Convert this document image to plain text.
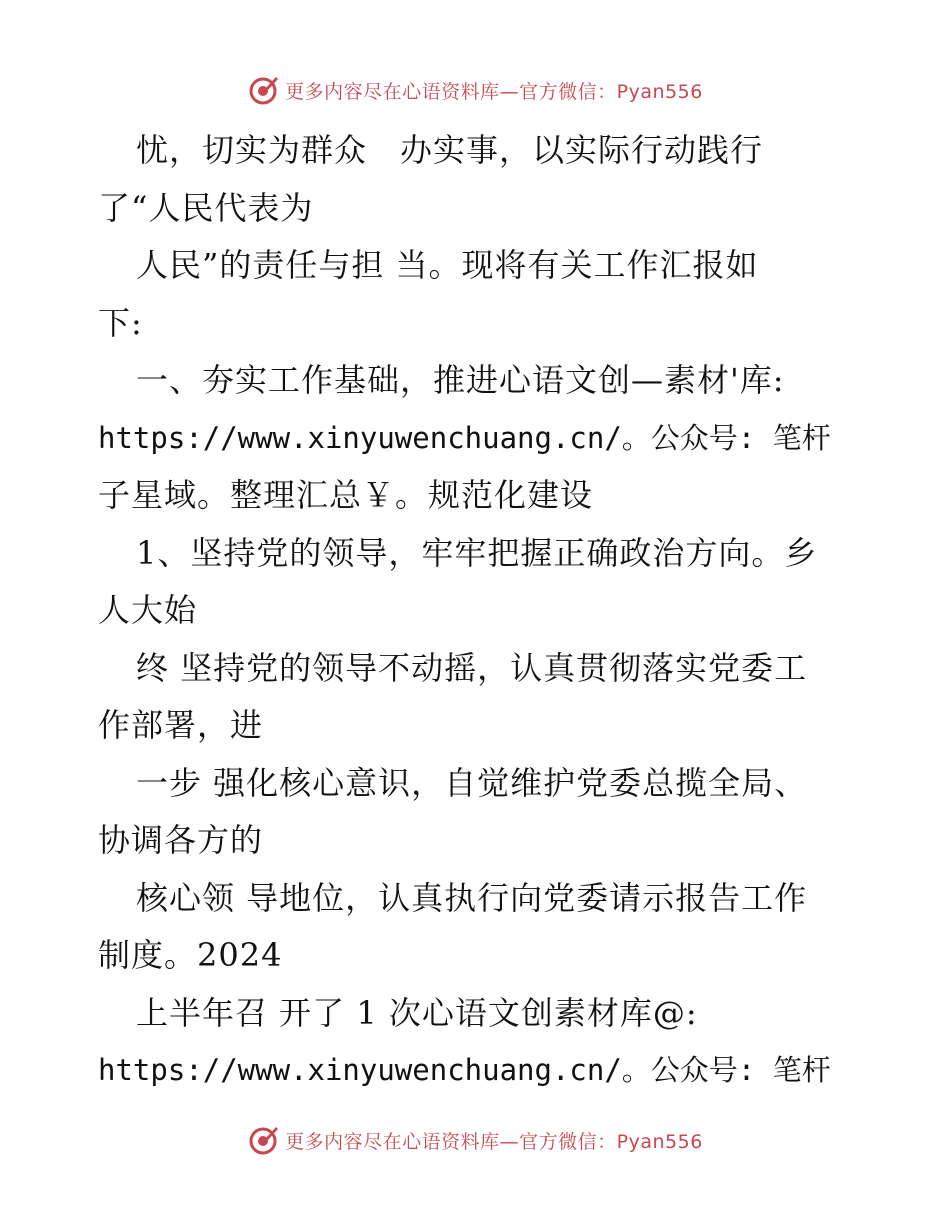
更多内容尽在心语资料库—官方微信：Pyan556
忧，切实为群众　办实事，以实际行动践行
了“人民代表为
人民”的责任与担 当。现将有关工作汇报如
下:
一、夯实工作基础，推进心语文创—素材'库:
https://www.xinyuwenchuang.cn/。公众号: 笔杆
子星域。整理汇总￥。规范化建设
1、坚持党的领导，牢牢把握正确政治方向。乡
人大始
终 坚持党的领导不动摇，认真贯彻落实党委工
作部署，进
一步 强化核心意识，自觉维护党委总揽全局、
协调各方的
核心领 导地位，认真执行向党委请示报告工作
制度。2024
上半年召 开了 1 次心语文创素材库@:
https://www.xinyuwenchuang.cn/。公众号: 笔杆
更多内容尽在心语资料库—官方微信：Pyan556
